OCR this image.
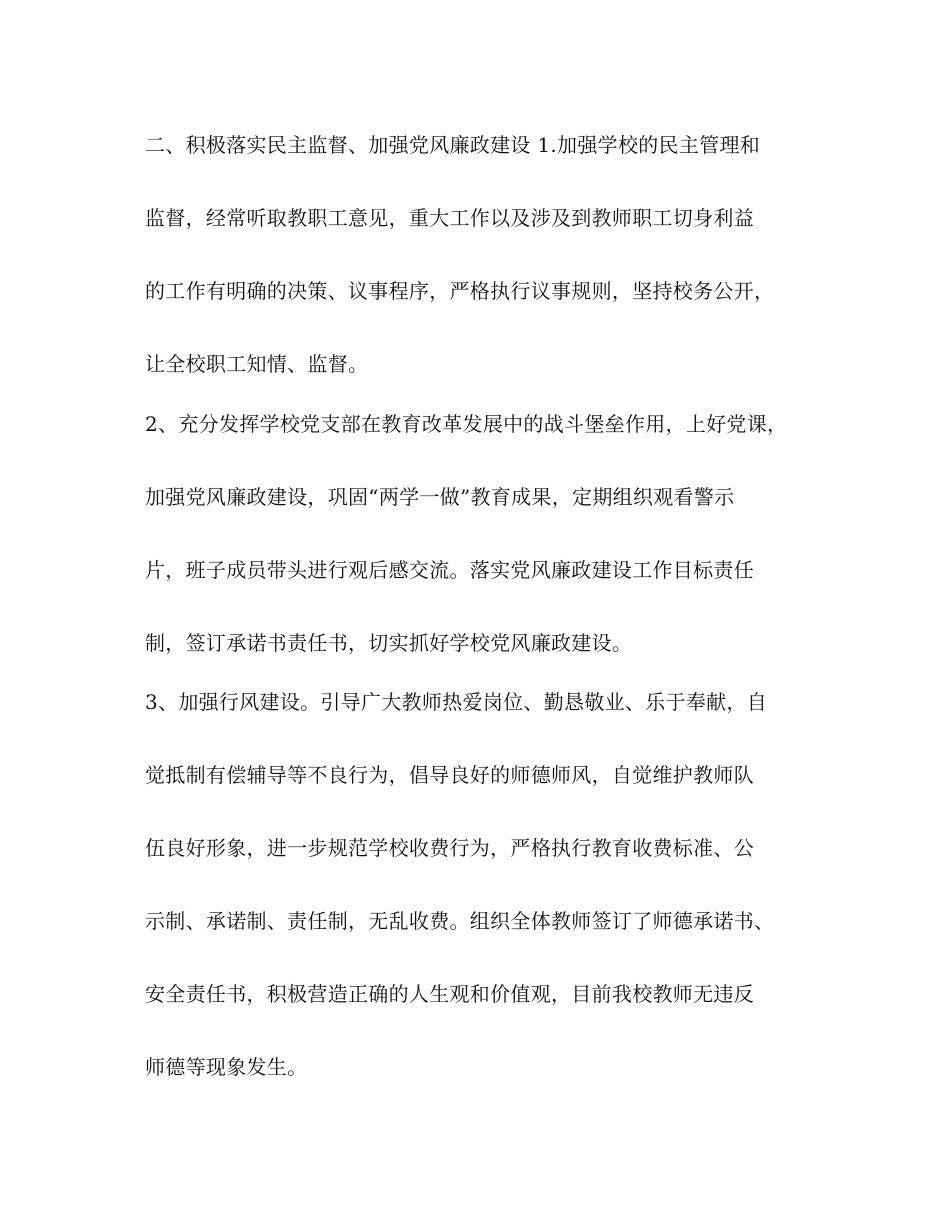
二、积极落实民主监督、加强党风廉政建设 1.加强学校的民主管理和
监督，经常听取教职工意见，重大工作以及涉及到教师职工切身利益
的工作有明确的决策、议事程序，严格执行议事规则，坚持校务公开，
让全校职工知情、监督。
2、充分发挥学校党支部在教育改革发展中的战斗堡垒作用，上好党课，
加强党风廉政建设，巩固“两学一做”教育成果，定期组织观看警示
片，班子成员带头进行观后感交流。落实党风廉政建设工作目标责任
制，签订承诺书责任书，切实抓好学校党风廉政建设。
3、加强行风建设。引导广大教师热爱岗位、勤恳敬业、乐于奉献，自
觉抵制有偿辅导等不良行为，倡导良好的师德师风，自觉维护教师队
伍良好形象，进一步规范学校收费行为，严格执行教育收费标准、公
示制、承诺制、责任制，无乱收费。组织全体教师签订了师德承诺书、
安全责任书，积极营造正确的人生观和价值观，目前我校教师无违反
师德等现象发生。
